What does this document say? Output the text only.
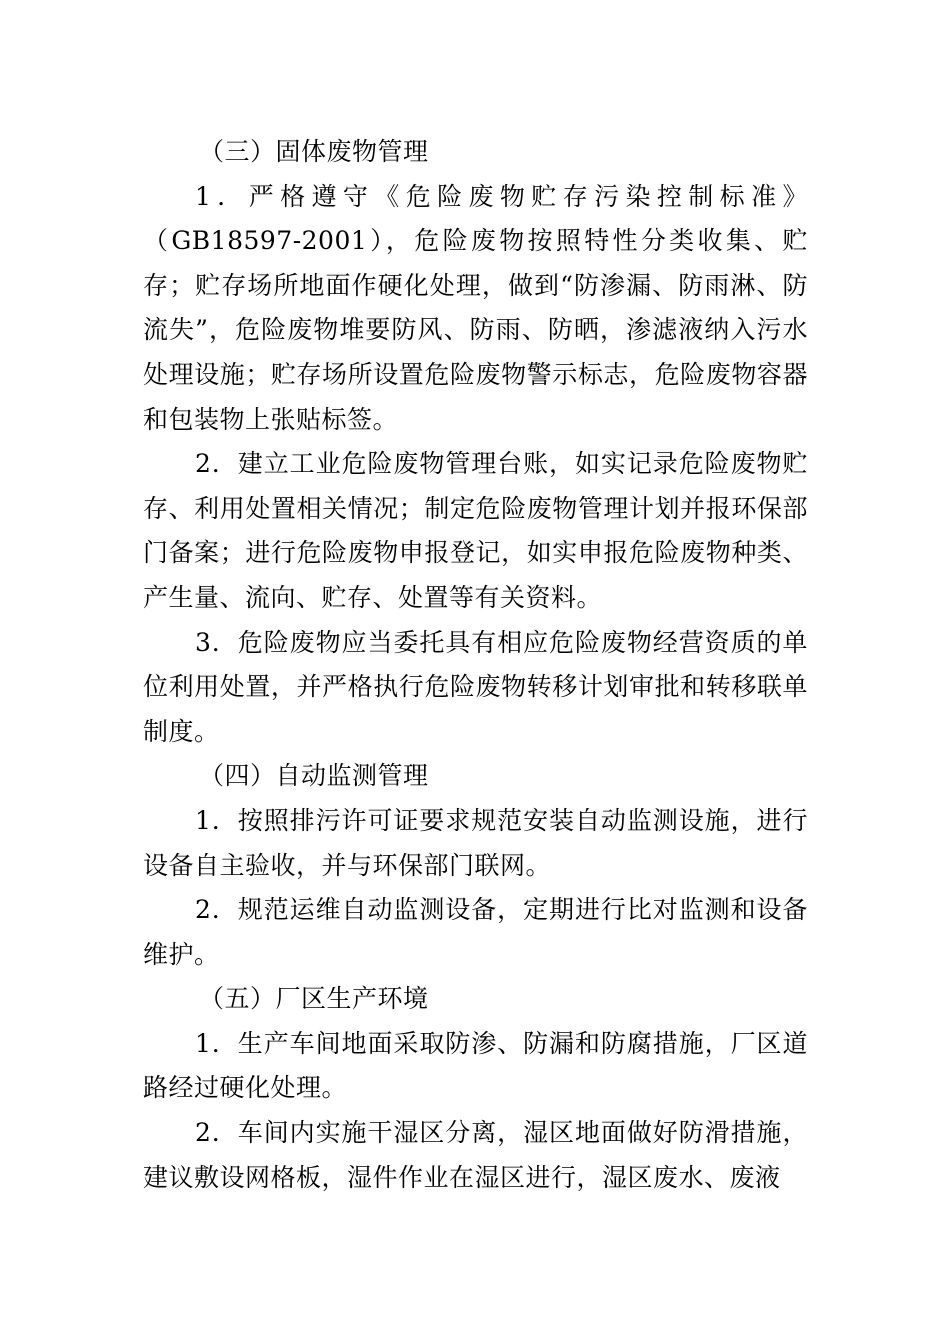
（三）固体废物管理

1．严格遵守《危险废物贮存污染控制标准》（GB18597-2001），危险废物按照特性分类收集、贮存；贮存场所地面作硬化处理，做到“防渗漏、防雨淋、防流失”，危险废物堆要防风、防雨、防晒，渗滤液纳入污水处理设施；贮存场所设置危险废物警示标志，危险废物容器和包装物上张贴标签。

2．建立工业危险废物管理台账，如实记录危险废物贮存、利用处置相关情况；制定危险废物管理计划并报环保部门备案；进行危险废物申报登记，如实申报危险废物种类、产生量、流向、贮存、处置等有关资料。

3．危险废物应当委托具有相应危险废物经营资质的单位利用处置，并严格执行危险废物转移计划审批和转移联单制度。

（四）自动监测管理

1．按照排污许可证要求规范安装自动监测设施，进行设备自主验收，并与环保部门联网。

2．规范运维自动监测设备，定期进行比对监测和设备维护。

（五）厂区生产环境

1．生产车间地面采取防渗、防漏和防腐措施，厂区道路经过硬化处理。

2．车间内实施干湿区分离，湿区地面做好防滑措施，建议敷设网格板，湿件作业在湿区进行，湿区废水、废液
